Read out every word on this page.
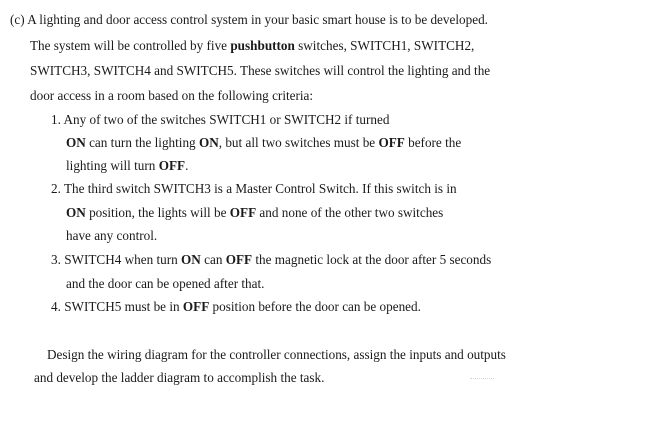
(c) A lighting and door access control system in your basic smart house is to be developed.
The system will be controlled by five pushbutton switches, SWITCH1, SWITCH2,
SWITCH3, SWITCH4 and SWITCH5. These switches will control the lighting and the
door access in a room based on the following criteria:
1. Any of two of the switches SWITCH1 or SWITCH2 if turned
ON can turn the lighting ON, but all two switches must be OFF before the
lighting will turn OFF.
2. The third switch SWITCH3 is a Master Control Switch. If this switch is in
ON position, the lights will be OFF and none of the other two switches
have any control.
3. SWITCH4 when turn ON can OFF the magnetic lock at the door after 5 seconds
and the door can be opened after that.
4. SWITCH5 must be in OFF position before the door can be opened.
Design the wiring diagram for the controller connections, assign the inputs and outputs
and develop the ladder diagram to accomplish the task.
